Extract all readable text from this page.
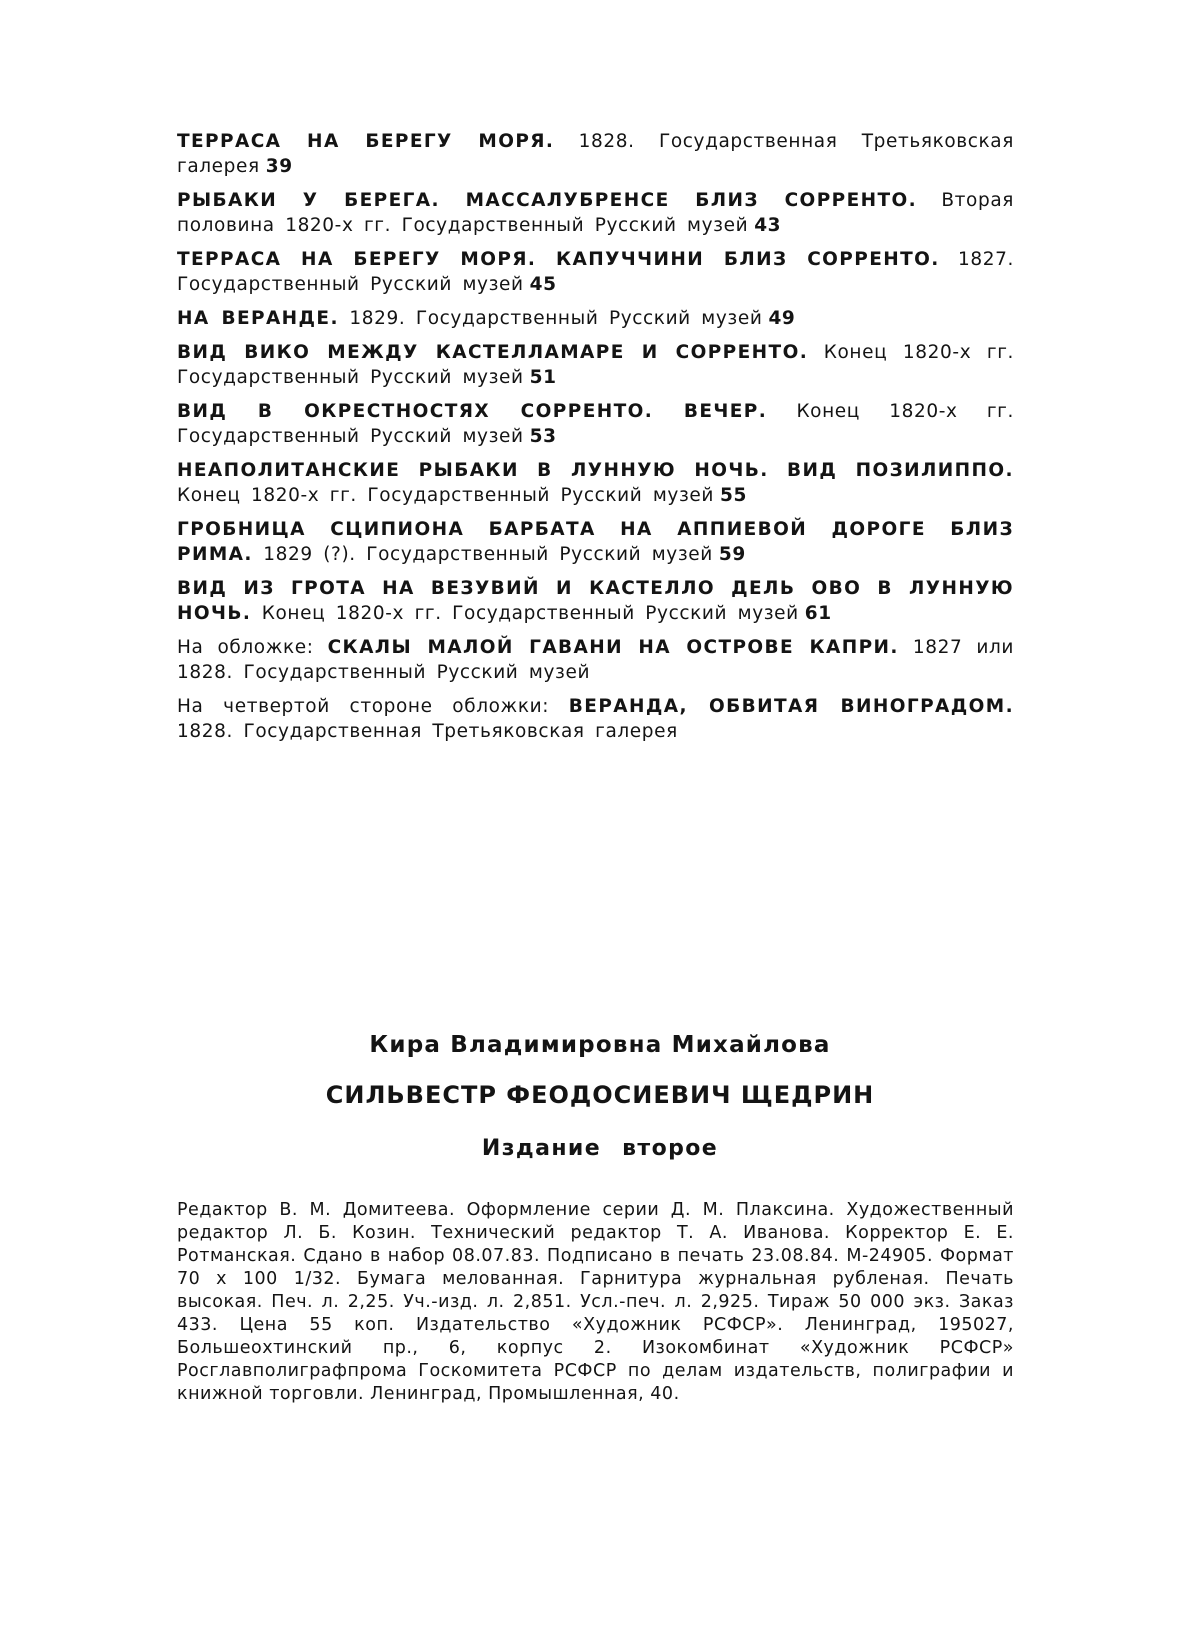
ТЕРРАСА НА БЕРЕГУ МОРЯ. 1828. Государственная Третьяковская галерея 39
РЫБАКИ У БЕРЕГА. МАССАЛУБРЕНСЕ БЛИЗ СОРРЕНТО. Вторая половина 1820-х гг. Государственный Русский музей 43
ТЕРРАСА НА БЕРЕГУ МОРЯ. КАПУЧЧИНИ БЛИЗ СОРРЕНТО. 1827. Государственный Русский музей 45
НА ВЕРАНДЕ. 1829. Государственный Русский музей 49
ВИД ВИКО МЕЖДУ КАСТЕЛЛАМАРЕ И СОРРЕНТО. Конец 1820-х гг. Государственный Русский музей 51
ВИД В ОКРЕСТНОСТЯХ СОРРЕНТО. ВЕЧЕР. Конец 1820-х гг. Государственный Русский музей 53
НЕАПОЛИТАНСКИЕ РЫБАКИ В ЛУННУЮ НОЧЬ. ВИД ПОЗИЛИППО. Конец 1820-х гг. Государственный Русский музей 55
ГРОБНИЦА СЦИПИОНА БАРБАТА НА АППИЕВОЙ ДОРОГЕ БЛИЗ РИМА. 1829 (?). Государственный Русский музей 59
ВИД ИЗ ГРОТА НА ВЕЗУВИЙ И КАСТЕЛЛО ДЕЛЬ ОВО В ЛУННУЮ НОЧЬ. Конец 1820-х гг. Государственный Русский музей 61
На обложке: СКАЛЫ МАЛОЙ ГАВАНИ НА ОСТРОВЕ КАПРИ. 1827 или 1828. Государственный Русский музей
На четвертой стороне обложки: ВЕРАНДА, ОБВИТАЯ ВИНОГРАДОМ. 1828. Государственная Третьяковская галерея

Кира Владимировна Михайлова

СИЛЬВЕСТР ФЕОДОСИЕВИЧ ЩЕДРИН

Издание второе

Редактор В. М. Домитеева. Оформление серии Д. М. Плаксина. Художественный редактор Л. Б. Козин. Технический редактор Т. А. Иванова. Корректор Е. Е. Ротманская. Сдано в набор 08.07.83. Подписано в печать 23.08.84. М-24905. Формат 70 х 100 1/32. Бумага мелованная. Гарнитура журнальная рубленая. Печать высокая. Печ. л. 2,25. Уч.-изд. л. 2,851. Усл.-печ. л. 2,925. Тираж 50 000 экз. Заказ 433. Цена 55 коп. Издательство «Художник РСФСР». Ленинград, 195027, Большеохтинский пр., 6, корпус 2. Изокомбинат «Художник РСФСР» Росглавполиграфпрома Госкомитета РСФСР по делам издательств, полиграфии и книжной торговли. Ленинград, Промышленная, 40.
